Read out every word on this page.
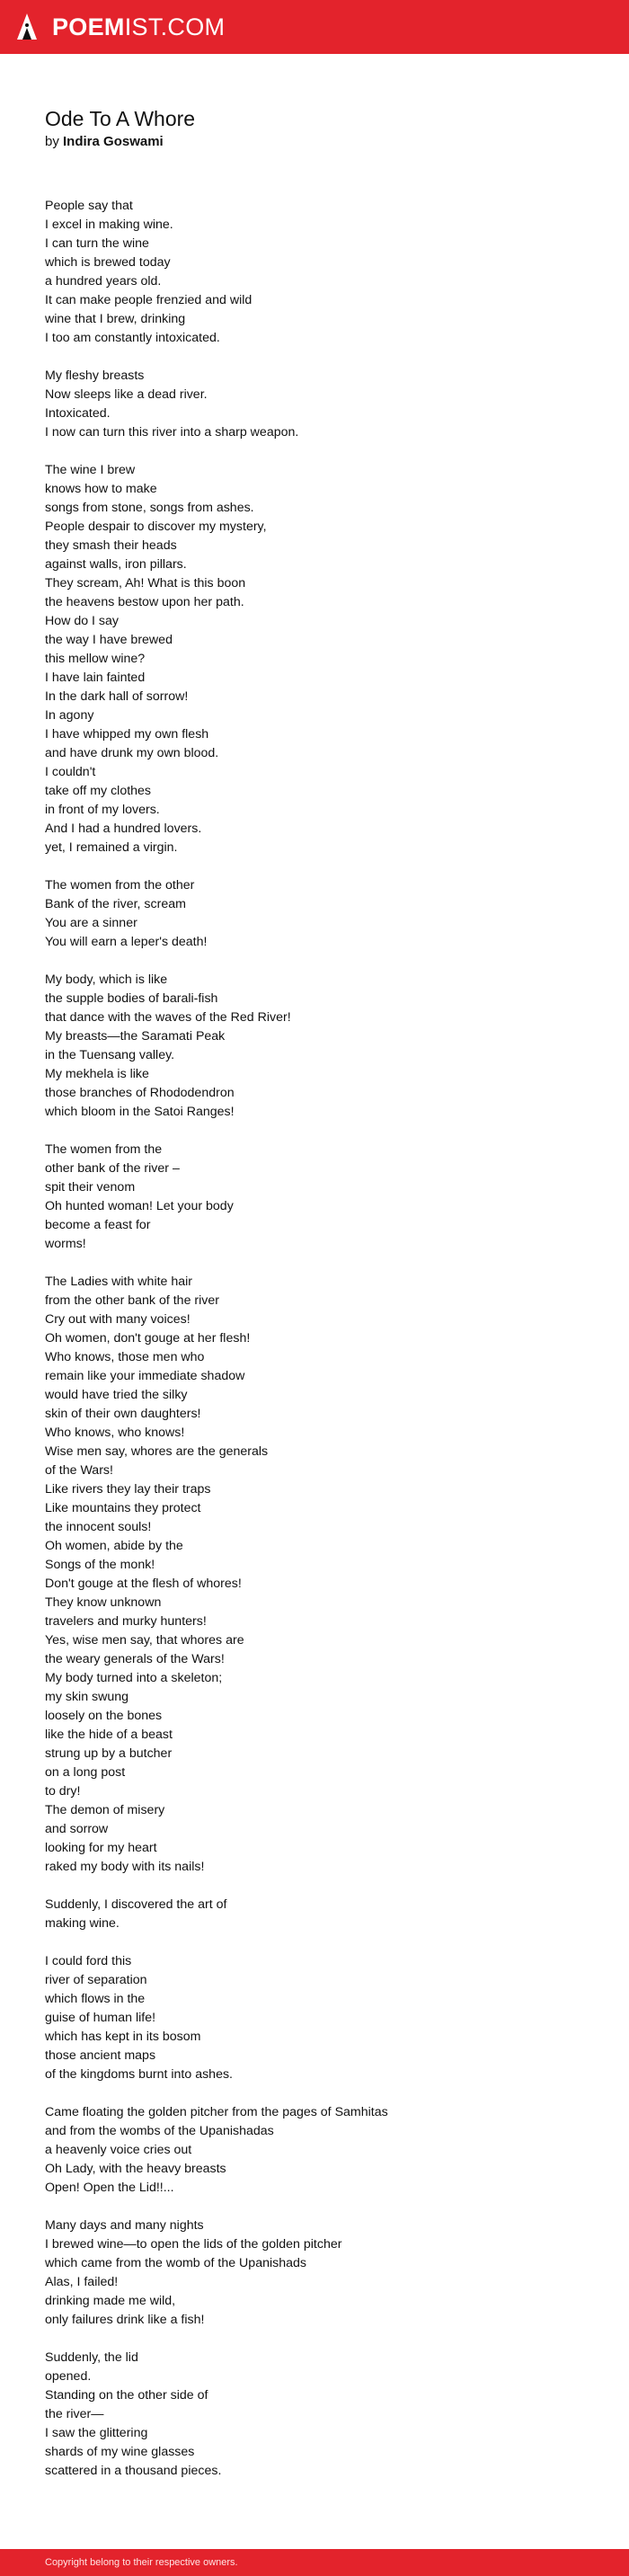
POEMIST.COM
Ode To A Whore
by Indira Goswami
People say that
I excel in making wine.
I can turn the wine
which is brewed today
a hundred years old.
It can make people frenzied and wild
wine that I brew, drinking
I too am constantly intoxicated.
My fleshy breasts
Now sleeps like a dead river.
Intoxicated.
I now can turn this river into a sharp weapon.
The wine I brew
knows how to make
songs from stone, songs from ashes.
People despair to discover my mystery,
they smash their heads
against walls, iron pillars.
They scream, Ah! What is this boon
the heavens bestow upon her path.
How do I say
the way I have brewed
this mellow wine?
I have lain fainted
In the dark hall of sorrow!
In agony
I have whipped my own flesh
and have drunk my own blood.
I couldn't
take off my clothes
in front of my lovers.
And I had a hundred lovers.
yet, I remained a virgin.
The women from the other
Bank of the river, scream
You are a sinner
You will earn a leper's death!
My body, which is like
the supple bodies of barali-fish
that dance with the waves of the Red River!
My breasts—the Saramati Peak
in the Tuensang valley.
My mekhela is like
those branches of Rhododendron
which bloom in the Satoi Ranges!
The women from the
other bank of the river –
spit their venom
Oh hunted woman! Let your body
become a feast for
worms!
The Ladies with white hair
from the other bank of the river
Cry out with many voices!
Oh women, don't gouge at her flesh!
Who knows, those men who
remain like your immediate shadow
would have tried the silky
skin of their own daughters!
Who knows, who knows!
Wise men say, whores are the generals
of the Wars!
Like rivers they lay their traps
Like mountains they protect
the innocent souls!
Oh women, abide by the
Songs of the monk!
Don't gouge at the flesh of whores!
They know unknown
travelers and murky hunters!
Yes, wise men say, that whores are
the weary generals of the Wars!
My body turned into a skeleton;
my skin swung
loosely on the bones
like the hide of a beast
strung up by a butcher
on a long post
to dry!
The demon of misery
and sorrow
looking for my heart
raked my body with its nails!
Suddenly, I discovered the art of
making wine.
I could ford this
river of separation
which flows in the
guise of human life!
which has kept in its bosom
those ancient maps
of the kingdoms burnt into ashes.
Came floating the golden pitcher from the pages of Samhitas
and from the wombs of the Upanishadas
a heavenly voice cries out
Oh Lady, with the heavy breasts
Open! Open the Lid!!...
Many days and many nights
I brewed wine—to open the lids of the golden pitcher
which came from the womb of the Upanishads
Alas, I failed!
drinking made me wild,
only failures drink like a fish!
Suddenly, the lid
opened.
Standing on the other side of
the river—
I saw the glittering
shards of my wine glasses
scattered in a thousand pieces.
Copyright belong to their respective owners.
